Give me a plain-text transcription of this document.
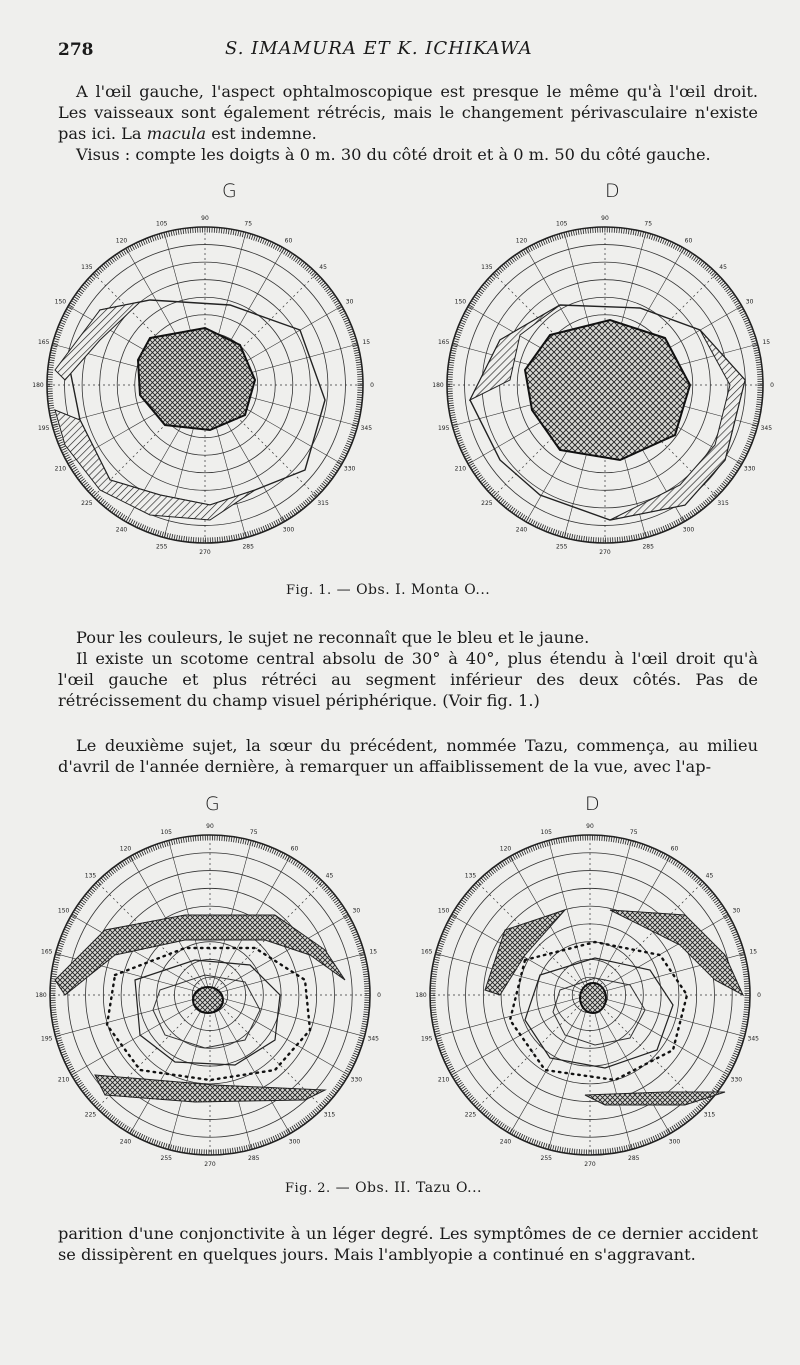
278	S. IMAMURA ET K. ICHIKAWA

A l'œil gauche, l'aspect ophtalmoscopique est presque le même qu'à l'œil droit. Les vaisseaux sont également rétrécis, mais le changement périvasculaire n'existe pas ici. La macula est indemne.

Visus : compte les doigts à 0 m. 30 du côté droit et à 0 m. 50 du côté gauche.

G	D
0
15
30
45
60
75
90
105
120
135
150
165
180
195
210
225
240
255
270
285
300
315
330
345
0
15
30
45
60
75
90
105
120
135
150
165
180
195
210
225
240
255
270
285
300
315
330
345
Fig. 1. — Obs. I. Monta O...

Pour les couleurs, le sujet ne reconnaît que le bleu et le jaune.

Il existe un scotome central absolu de 30° à 40°, plus étendu à l'œil droit qu'à l'œil gauche et plus rétréci au segment inférieur des deux côtés. Pas de rétrécissement du champ visuel périphérique. (Voir fig. 1.)

Le deuxième sujet, la sœur du précédent, nommée Tazu, commença, au milieu d'avril de l'année dernière, à remarquer un affaiblissement de la vue, avec l'ap-

G	D
0
15
30
45
60
75
90
105
120
135
150
165
180
195
210
225
240
255
270
285
300
315
330
345
0
15
30
45
60
75
90
105
120
135
150
165
180
195
210
225
240
255
270
285
300
315
330
345
Fig. 2. — Obs. II. Tazu O...

parition d'une conjonctivite à un léger degré. Les symptômes de ce dernier accident se dissipèrent en quelques jours. Mais l'amblyopie a continué en s'aggravant.
